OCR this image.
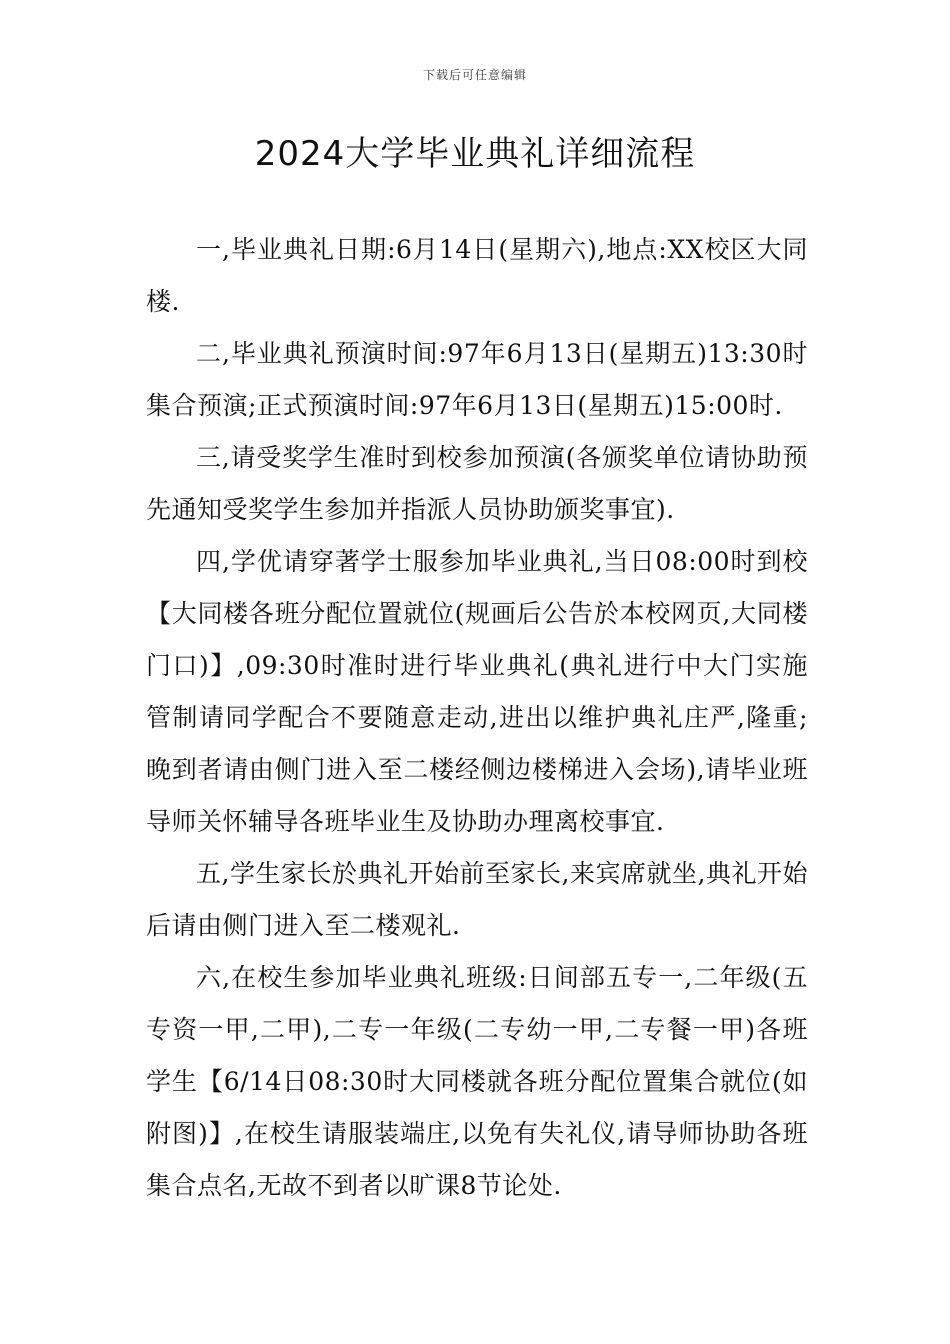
下载后可任意编辑
2024大学毕业典礼详细流程

一,毕业典礼日期:6月14日(星期六),地点:XX校区大同楼.

二,毕业典礼预演时间:97年6月13日(星期五)13:30时集合预演;正式预演时间:97年6月13日(星期五)15:00时.

三,请受奖学生准时到校参加预演(各颁奖单位请协助预先通知受奖学生参加并指派人员协助颁奖事宜).

四,学优请穿著学士服参加毕业典礼,当日08:00时到校【大同楼各班分配位置就位(规画后公告於本校网页,大同楼门口)】,09:30时准时进行毕业典礼(典礼进行中大门实施管制请同学配合不要随意走动,进出以维护典礼庄严,隆重;晚到者请由侧门进入至二楼经侧边楼梯进入会场),请毕业班导师关怀辅导各班毕业生及协助办理离校事宜.

五,学生家长於典礼开始前至家长,来宾席就坐,典礼开始后请由侧门进入至二楼观礼.

六,在校生参加毕业典礼班级:日间部五专一,二年级(五专资一甲,二甲),二专一年级(二专幼一甲,二专餐一甲)各班学生【6/14日08:30时大同楼就各班分配位置集合就位(如附图)】,在校生请服装端庄,以免有失礼仪,请导师协助各班集合点名,无故不到者以旷课8节论处.
